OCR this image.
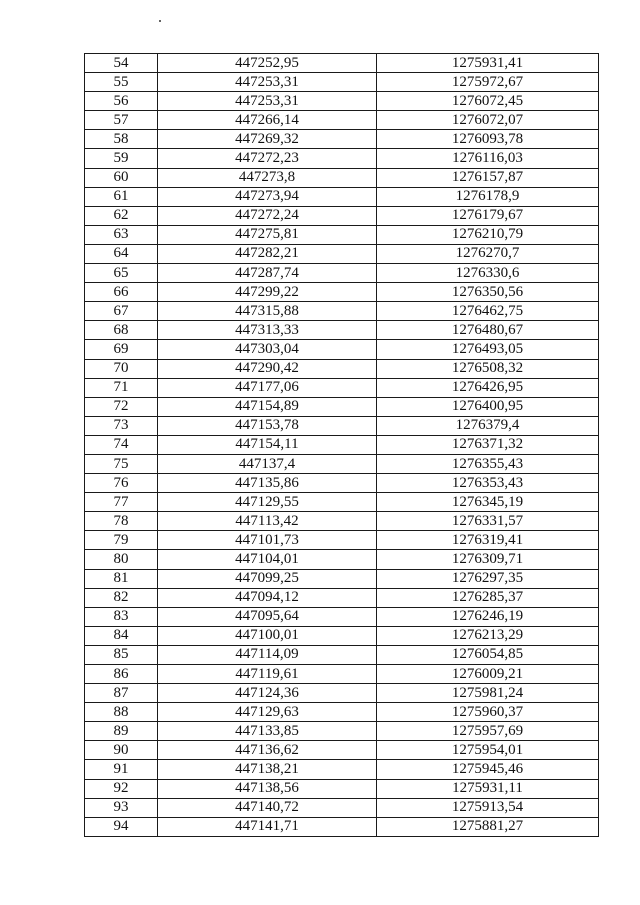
54	447252,95	1275931,41
55	447253,31	1275972,67
56	447253,31	1276072,45
57	447266,14	1276072,07
58	447269,32	1276093,78
59	447272,23	1276116,03
60	447273,8	1276157,87
61	447273,94	1276178,9
62	447272,24	1276179,67
63	447275,81	1276210,79
64	447282,21	1276270,7
65	447287,74	1276330,6
66	447299,22	1276350,56
67	447315,88	1276462,75
68	447313,33	1276480,67
69	447303,04	1276493,05
70	447290,42	1276508,32
71	447177,06	1276426,95
72	447154,89	1276400,95
73	447153,78	1276379,4
74	447154,11	1276371,32
75	447137,4	1276355,43
76	447135,86	1276353,43
77	447129,55	1276345,19
78	447113,42	1276331,57
79	447101,73	1276319,41
80	447104,01	1276309,71
81	447099,25	1276297,35
82	447094,12	1276285,37
83	447095,64	1276246,19
84	447100,01	1276213,29
85	447114,09	1276054,85
86	447119,61	1276009,21
87	447124,36	1275981,24
88	447129,63	1275960,37
89	447133,85	1275957,69
90	447136,62	1275954,01
91	447138,21	1275945,46
92	447138,56	1275931,11
93	447140,72	1275913,54
94	447141,71	1275881,27
